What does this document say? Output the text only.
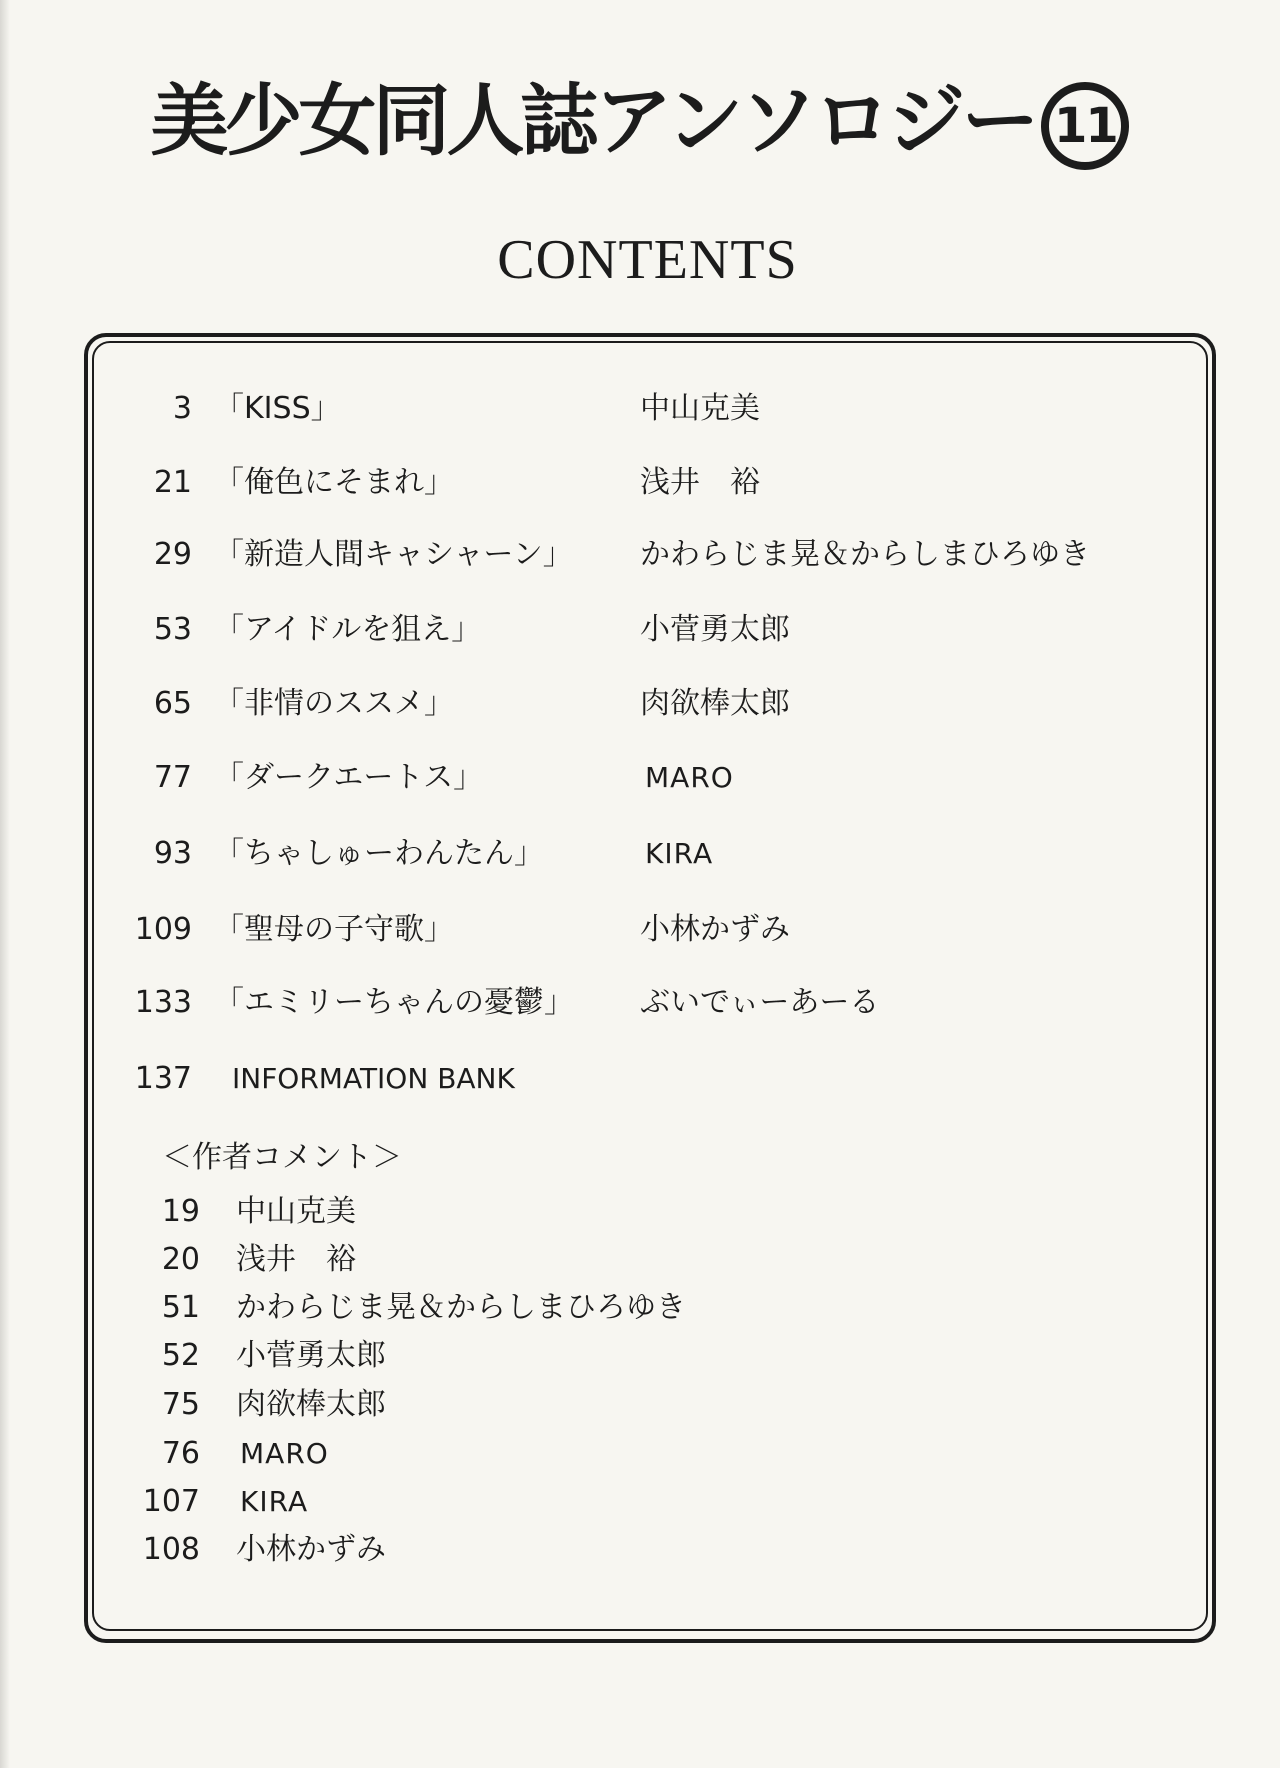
美少女同人誌アンソロジー 11
CONTENTS
3 「KISS」	中山克美
21 「俺色にそまれ」	浅井　裕
29 「新造人間キャシャーン」 かわらじま晃＆からしまひろゆき
53 「アイドルを狙え」	小菅勇太郎
65 「非情のススメ」	肉欲棒太郎
77 「ダークエートス」	MARO
93 「ちゃしゅーわんたん」	KIRA
109 「聖母の子守歌」	小林かずみ
133 「エミリーちゃんの憂鬱」 ぶいでぃーあーる
137 INFORMATION BANK
＜作者コメント＞
19 中山克美
20 浅井　裕
51 かわらじま晃＆からしまひろゆき
52 小菅勇太郎
75 肉欲棒太郎
76 MARO
107 KIRA
108 小林かずみ
